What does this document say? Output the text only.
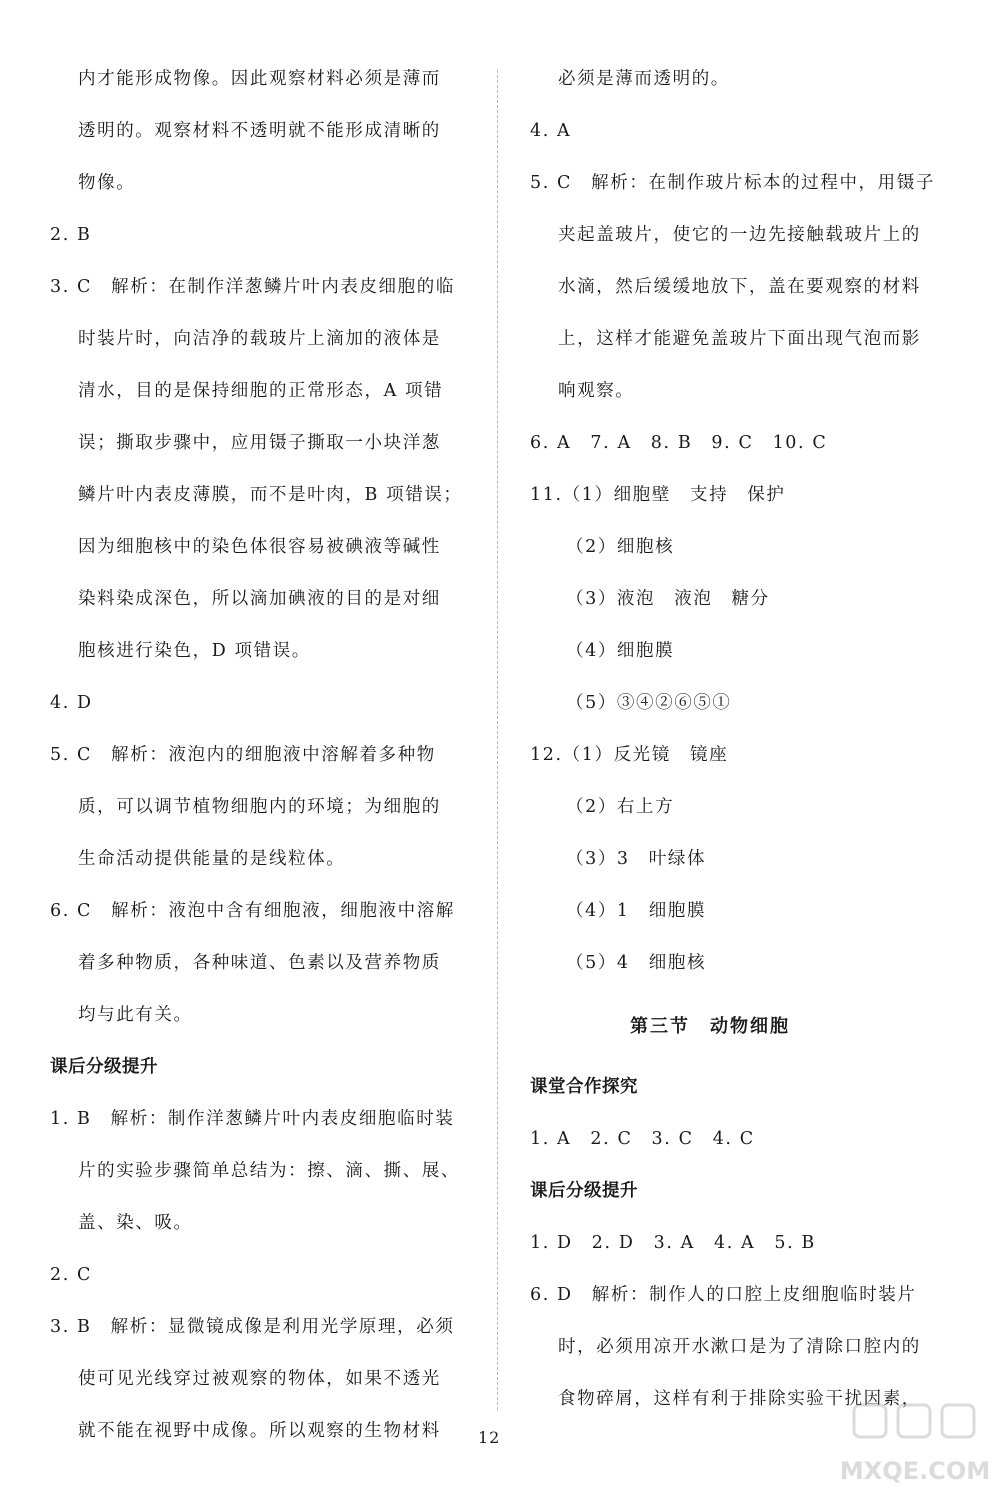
内才能形成物像。因此观察材料必须是薄而
透明的。观察材料不透明就不能形成清晰的
物像。
2. B
3. C　解析：在制作洋葱鳞片叶内表皮细胞的临
时装片时，向洁净的载玻片上滴加的液体是
清水，目的是保持细胞的正常形态，A 项错
误；撕取步骤中，应用镊子撕取一小块洋葱
鳞片叶内表皮薄膜，而不是叶肉，B 项错误；
因为细胞核中的染色体很容易被碘液等碱性
染料染成深色，所以滴加碘液的目的是对细
胞核进行染色，D 项错误。
4. D
5. C　解析：液泡内的细胞液中溶解着多种物
质，可以调节植物细胞内的环境；为细胞的
生命活动提供能量的是线粒体。
6. C　解析：液泡中含有细胞液，细胞液中溶解
着多种物质，各种味道、色素以及营养物质
均与此有关。
课后分级提升
1. B　解析：制作洋葱鳞片叶内表皮细胞临时装
片的实验步骤简单总结为：擦、滴、撕、展、
盖、染、吸。
2. C
3. B　解析：显微镜成像是利用光学原理，必须
使可见光线穿过被观察的物体，如果不透光
就不能在视野中成像。所以观察的生物材料
必须是薄而透明的。
4. A
5. C　解析：在制作玻片标本的过程中，用镊子
夹起盖玻片，使它的一边先接触载玻片上的
水滴，然后缓缓地放下，盖在要观察的材料
上，这样才能避免盖玻片下面出现气泡而影
响观察。
6. A　7. A　8. B　9. C　10. C
11.（1）细胞壁　支持　保护
（2）细胞核
（3）液泡　液泡　糖分
（4）细胞膜
（5）③④②⑥⑤①
12.（1）反光镜　镜座
（2）右上方
（3）3　叶绿体
（4）1　细胞膜
（5）4　细胞核
第三节　动物细胞
课堂合作探究
1. A　2. C　3. C　4. C
课后分级提升
1. D　2. D　3. A　4. A　5. B
6. D　解析：制作人的口腔上皮细胞临时装片
时，必须用凉开水漱口是为了清除口腔内的
食物碎屑，这样有利于排除实验干扰因素，
12
MXQE.COM
